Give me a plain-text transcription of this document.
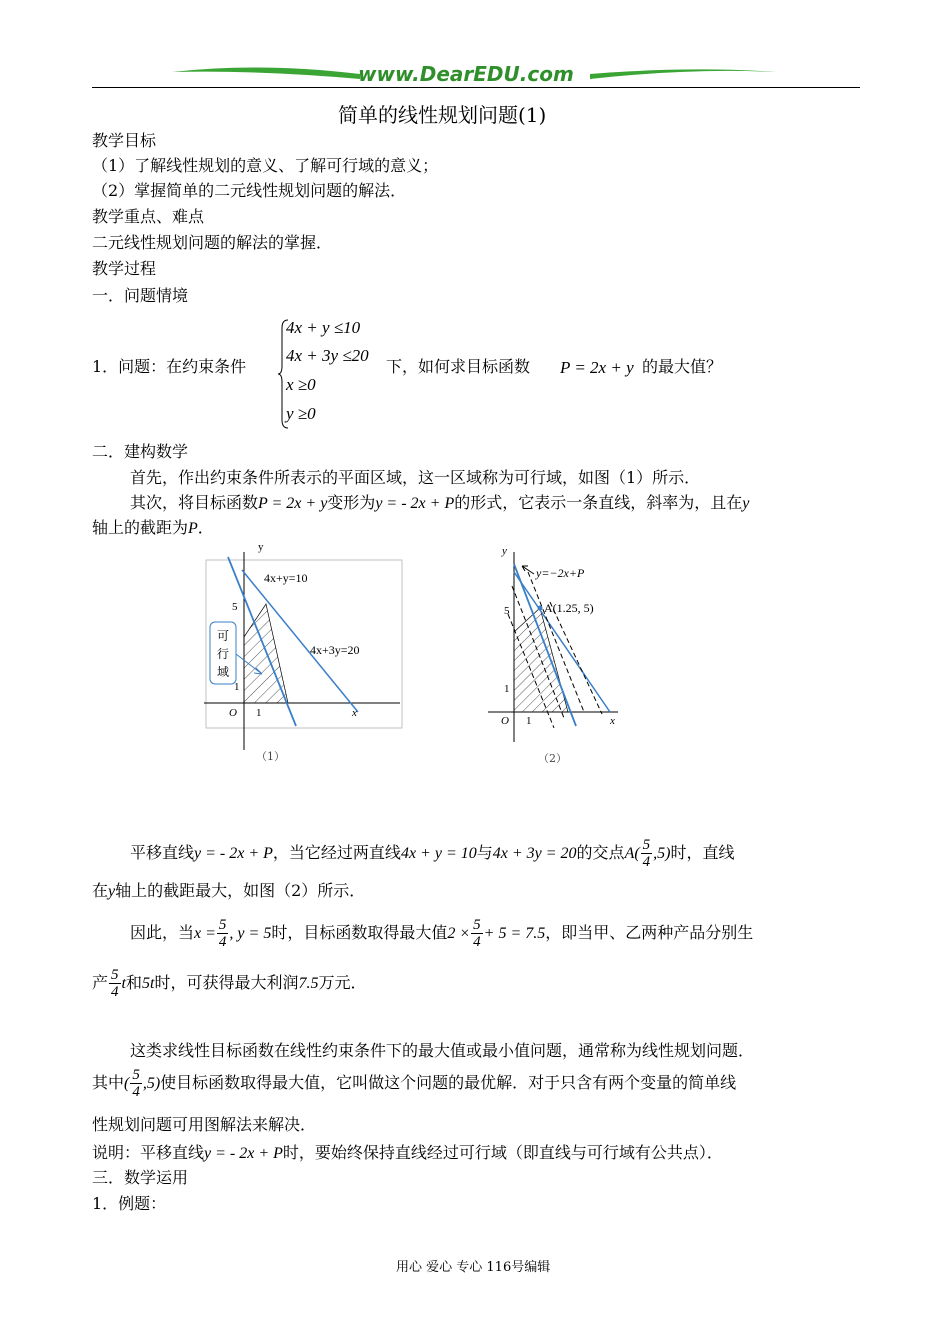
www.DearEDU.com
简单的线性规划问题(1)
教学目标
（1）了解线性规划的意义、了解可行域的意义；
（2）掌握简单的二元线性规划问题的解法．
教学重点、难点
二元线性规划问题的解法的掌握．
教学过程
一．问题情境
1．问题：在约束条件
4x + y ≤10
4x + 3y ≤20
x ≥0
y ≥0
下，如何求目标函数 P = 2x + y 的最大值？
二．建构数学
首先，作出约束条件所表示的平面区域，这一区域称为可行域，如图（1）所示．
其次，将目标函数P = 2x + y变形为y = - 2x + P的形式，它表示一条直线，斜率为，且在y
轴上的截距为P．
y
x
O
5
1
1
4x+y=10
4x+3y=20
可
行
域
（1）
y
x
O
5
1
1
y=−2x+P
A(1.25, 5)
（2）
平移直线y = - 2x + P，当它经过两直线4x + y = 10与4x + 3y = 20的交点$A( \frac{5}{4} ,5)$时，直线
在y轴上的截距最大，如图（2）所示．
因此，当$x = \frac{5}{4}$ , y = 5时，目标函数取得最大值$2 \times \frac{5}{4} + 5 = 7.5$，即当甲、乙两种产品分别生
产 $\frac{5}{4}$ t和5t时，可获得最大利润7.5万元．
这类求线性目标函数在线性约束条件下的最大值或最小值问题，通常称为线性规划问题．
其中( $\frac{5}{4} ,5$)使目标函数取得最大值，它叫做这个问题的最优解．对于只含有两个变量的简单线
性规划问题可用图解法来解决．
说明：平移直线y = - 2x + P时，要始终保持直线经过可行域（即直线与可行域有公共点）．
三．数学运用
1．例题：
用心 爱心 专心 116号编辑
